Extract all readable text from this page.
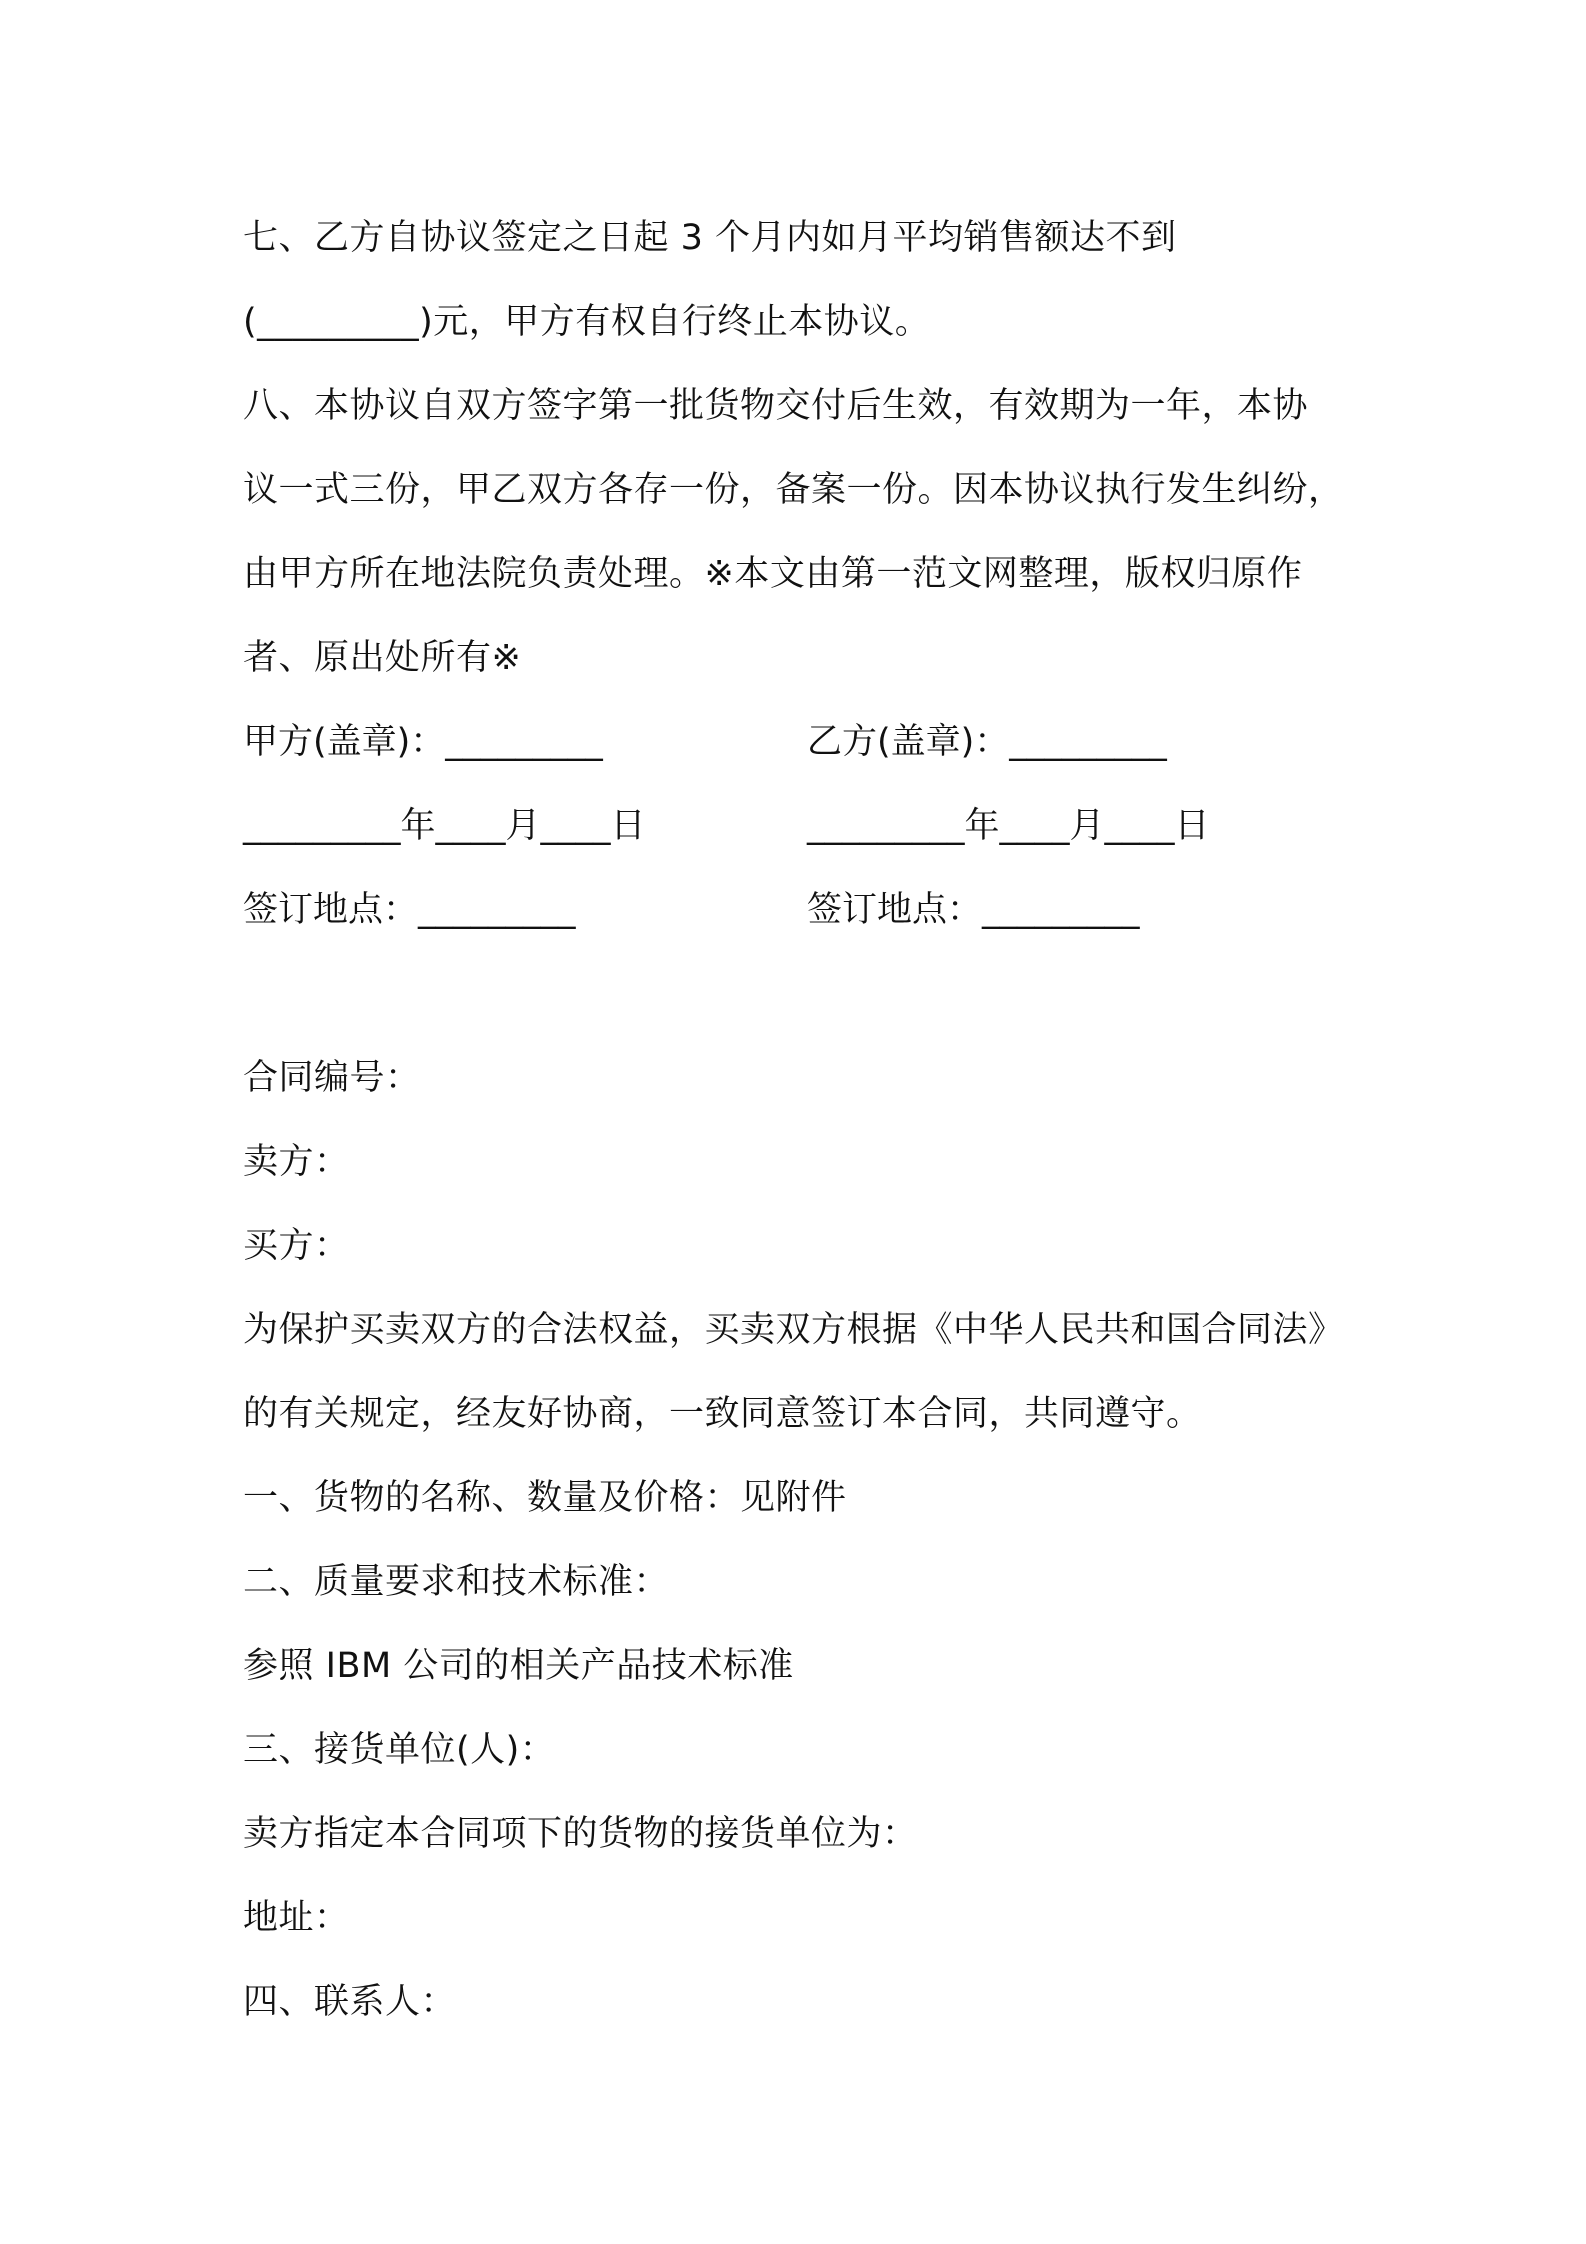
七、乙方自协议签定之日起 3 个月内如月平均销售额达不到
(_________)元，甲方有权自行终止本协议。
八、本协议自双方签字第一批货物交付后生效，有效期为一年，本协
议一式三份，甲乙双方各存一份，备案一份。因本协议执行发生纠纷，
由甲方所在地法院负责处理。※本文由第一范文网整理，版权归原作
者、原出处所有※
甲方(盖章)：_________	乙方(盖章)：_________
_________年____月____日	_________年____月____日
签订地点：_________	签订地点：_________
合同编号：
卖方：
买方：
为保护买卖双方的合法权益，买卖双方根据《中华人民共和国合同法》
的有关规定，经友好协商，一致同意签订本合同，共同遵守。
一、货物的名称、数量及价格：见附件
二、质量要求和技术标准：
参照 IBM 公司的相关产品技术标准
三、接货单位(人)：
卖方指定本合同项下的货物的接货单位为：
地址：
四、联系人：
